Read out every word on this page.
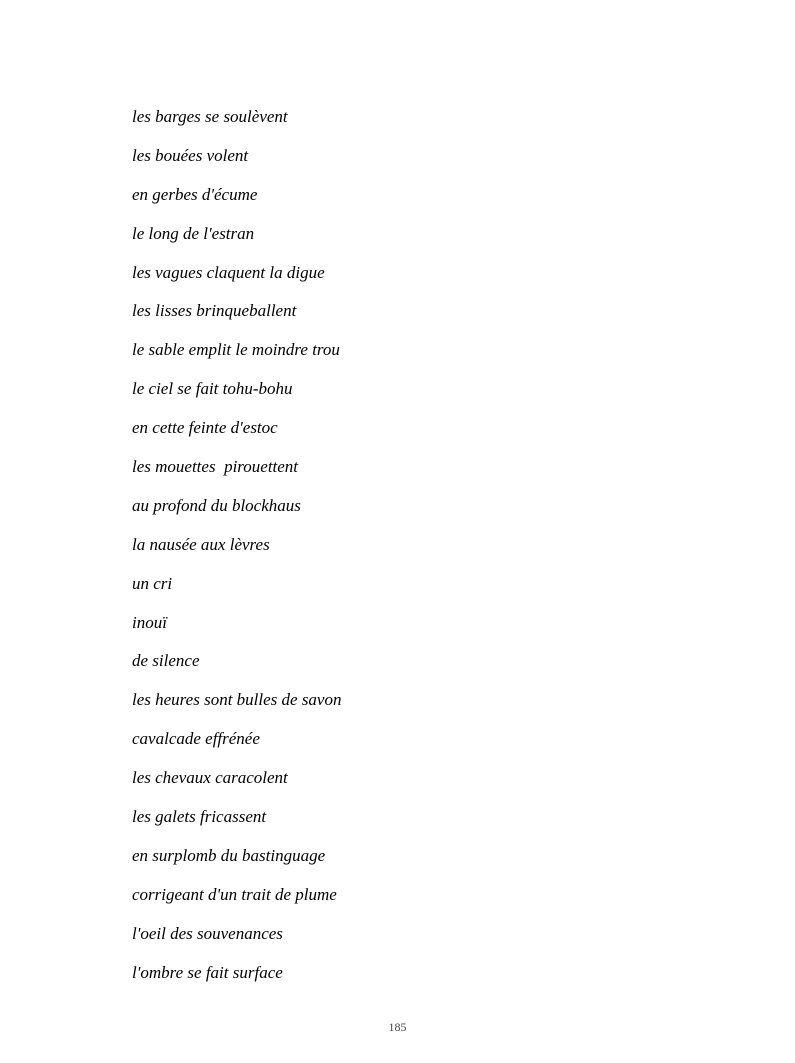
les barges se soulèvent
les bouées volent
en gerbes d'écume
le long de l'estran
les vagues claquent la digue
les lisses brinqueballent
le sable emplit le moindre trou
le ciel se fait tohu-bohu
en cette feinte d'estoc
les mouettes  pirouettent
au profond du blockhaus
la nausée aux lèvres
un cri
inouï
de silence
les heures sont bulles de savon
cavalcade effrénée
les chevaux caracolent
les galets fricassent
en surplomb du bastinguage
corrigeant d'un trait de plume
l'oeil des souvenances
l'ombre se fait surface
185
